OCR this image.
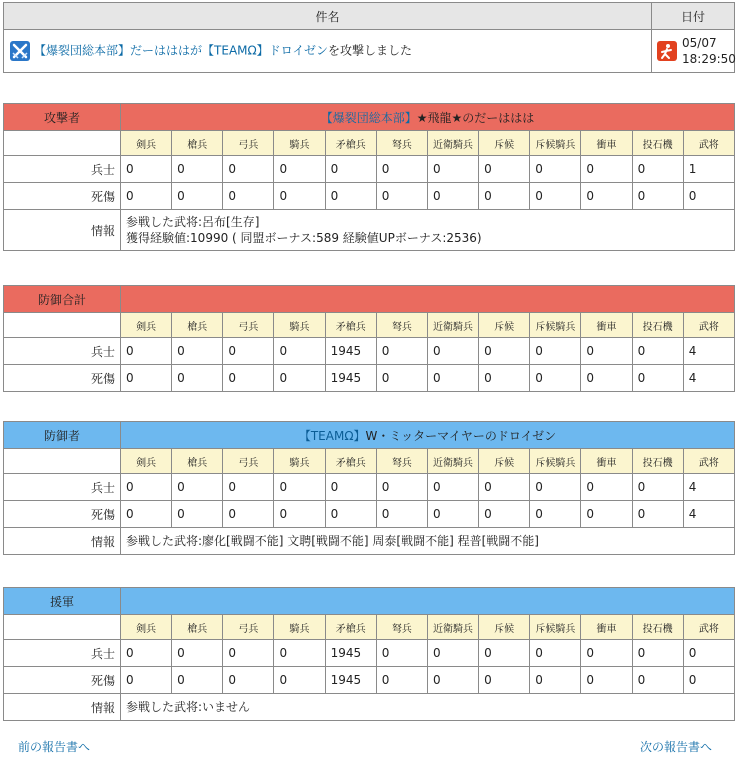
件名	日付
【爆裂団総本部】だーはははが【TEAMΩ】ドロイゼンを攻撃しました	05/07
18:29:50
攻撃者	【爆裂団総本部】★飛龍★のだーははは											
	剣兵	槍兵	弓兵	騎兵	矛槍兵	弩兵	近衛騎兵	斥候	斥候騎兵	衝車	投石機	武将
兵士	0	0	0	0	0	0	0	0	0	0	0	1
死傷	0	0	0	0	0	0	0	0	0	0	0	0
情報	参戦した武将:呂布[生存]
獲得経験値:10990 ( 同盟ボーナス:589 経験値UPボーナス:2536)											
防御合計												
	剣兵	槍兵	弓兵	騎兵	矛槍兵	弩兵	近衛騎兵	斥候	斥候騎兵	衝車	投石機	武将
兵士	0	0	0	0	1945	0	0	0	0	0	0	4
死傷	0	0	0	0	1945	0	0	0	0	0	0	4
防御者	【TEAMΩ】W・ミッターマイヤーのドロイゼン											
	剣兵	槍兵	弓兵	騎兵	矛槍兵	弩兵	近衛騎兵	斥候	斥候騎兵	衝車	投石機	武将
兵士	0	0	0	0	0	0	0	0	0	0	0	4
死傷	0	0	0	0	0	0	0	0	0	0	0	4
情報	参戦した武将:廖化[戦闘不能] 文聘[戦闘不能] 周泰[戦闘不能] 程普[戦闘不能]											
援軍												
	剣兵	槍兵	弓兵	騎兵	矛槍兵	弩兵	近衛騎兵	斥候	斥候騎兵	衝車	投石機	武将
兵士	0	0	0	0	1945	0	0	0	0	0	0	0
死傷	0	0	0	0	1945	0	0	0	0	0	0	0
情報	参戦した武将:いません											
前の報告書へ	次の報告書へ
